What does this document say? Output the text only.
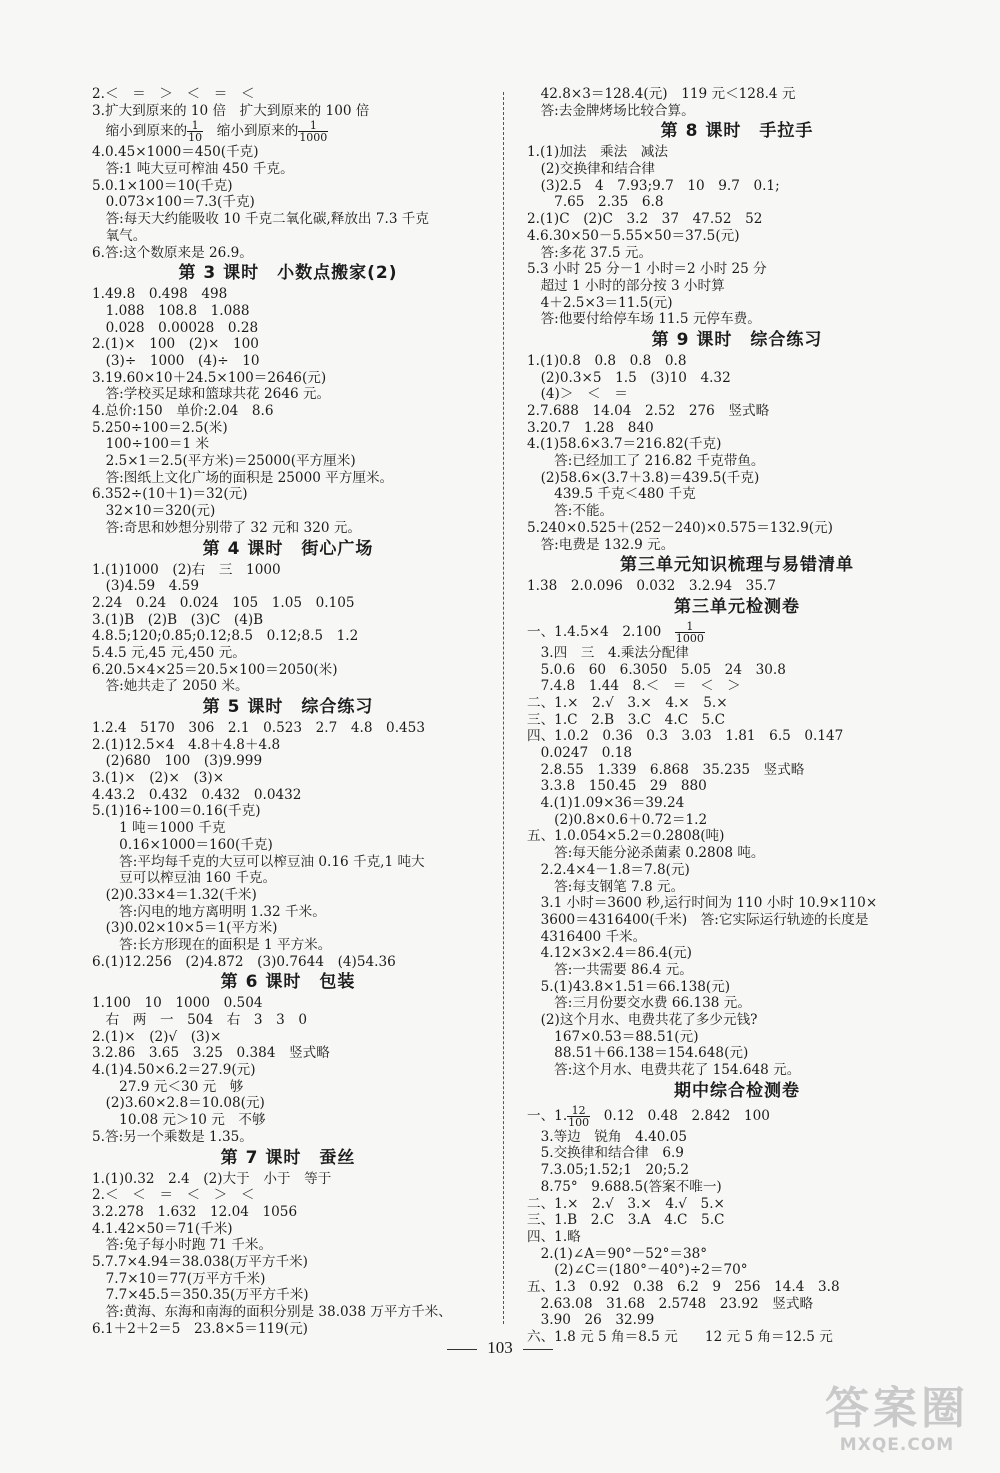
2.＜　＝　＞　＜　＝　＜
3.扩大到原来的 10 倍　扩大到原来的 100 倍
　缩小到原来的 $\frac{1}{10}$ 　缩小到原来的 $\frac{1}{1000}$
4.0.45×1000＝450(千克)
　答:1 吨大豆可榨油 450 千克。
5.0.1×100＝10(千克)
　0.073×100＝7.3(千克)
　答:每天大约能吸收 10 千克二氧化碳,释放出 7.3 千克
　氧气。
6.答:这个数原来是 26.9。
第 3 课时　小数点搬家(2)
1.49.8　0.498　498
　1.088　108.8　1.088
　0.028　0.00028　0.28
2.(1)×　100　(2)×　100
　(3)÷　1000　(4)÷　10
3.19.60×10＋24.5×100＝2646(元)
　答:学校买足球和篮球共花 2646 元。
4.总价:150　单价:2.04　8.6
5.250÷100＝2.5(米)
　100÷100＝1 米
　2.5×1＝2.5(平方米)＝25000(平方厘米)
　答:图纸上文化广场的面积是 25000 平方厘米。
6.352÷(10＋1)＝32(元)
　32×10＝320(元)
　答:奇思和妙想分别带了 32 元和 320 元。
第 4 课时　街心广场
1.(1)1000　(2)右　三　1000
　(3)4.59　4.59
2.24　0.24　0.024　105　1.05　0.105
3.(1)B　(2)B　(3)C　(4)B
4.8.5;120;0.85;0.12;8.5　0.12;8.5　1.2
5.4.5 元,45 元,450 元。
6.20.5×4×25＝20.5×100＝2050(米)
　答:她共走了 2050 米。
第 5 课时　综合练习
1.2.4　5170　306　2.1　0.523　2.7　4.8　0.453
2.(1)12.5×4　4.8＋4.8＋4.8
　(2)680　100　(3)9.999
3.(1)×　(2)×　(3)×
4.43.2　0.432　0.432　0.0432
5.(1)16÷100＝0.16(千克)
　　1 吨＝1000 千克
　　0.16×1000＝160(千克)
　　答:平均每千克的大豆可以榨豆油 0.16 千克,1 吨大
　　豆可以榨豆油 160 千克。
　(2)0.33×4＝1.32(千米)
　　答:闪电的地方离明明 1.32 千米。
　(3)0.02×10×5＝1(平方米)
　　答:长方形现在的面积是 1 平方米。
6.(1)12.256　(2)4.872　(3)0.7644　(4)54.36
第 6 课时　包装
1.100　10　1000　0.504
　右　两　一　504　右　3　3　0
2.(1)×　(2)√　(3)×
3.2.86　3.65　3.25　0.384　竖式略
4.(1)4.50×6.2＝27.9(元)
　　27.9 元＜30 元　够
　(2)3.60×2.8＝10.08(元)
　　10.08 元＞10 元　不够
5.答:另一个乘数是 1.35。
第 7 课时　蚕丝
1.(1)0.32　2.4　(2)大于　小于　等于
2.＜　＜　＝　＜　＞　＜
3.2.278　1.632　12.04　1056
4.1.42×50＝71(千米)
　答:兔子每小时跑 71 千米。
5.7.7×4.94＝38.038(万平方千米)
　7.7×10＝77(万平方千米)
　7.7×45.5＝350.35(万平方千米)
　答:黄海、东海和南海的面积分别是 38.038 万平方千米、
6.1＋2＋2＝5　23.8×5＝119(元)
　42.8×3＝128.4(元)　119 元＜128.4 元
　答:去金牌烤场比较合算。
第 8 课时　手拉手
1.(1)加法　乘法　减法
　(2)交换律和结合律
　(3)2.5　4　7.93;9.7　10　9.7　0.1;
　　7.65　2.35　6.8
2.(1)C　(2)C　3.2　37　47.52　52
4.6.30×50－5.55×50＝37.5(元)
　答:多花 37.5 元。
5.3 小时 25 分－1 小时＝2 小时 25 分
　超过 1 小时的部分按 3 小时算
　4＋2.5×3＝11.5(元)
　答:他要付给停车场 11.5 元停车费。
第 9 课时　综合练习
1.(1)0.8　0.8　0.8　0.8
　(2)0.3×5　1.5　(3)10　4.32
　(4)＞　＜　＝
2.7.688　14.04　2.52　276　竖式略
3.20.7　1.28　840
4.(1)58.6×3.7＝216.82(千克)
　　答:已经加工了 216.82 千克带鱼。
　(2)58.6×(3.7＋3.8)＝439.5(千克)
　　439.5 千克＜480 千克
　　答:不能。
5.240×0.525＋(252－240)×0.575＝132.9(元)
　答:电费是 132.9 元。
第三单元知识梳理与易错清单
1.38　2.0.096　0.032　3.2.94　35.7
第三单元检测卷
一、1.4.5×4　2.100　 $\frac{1}{1000}$
　3.四　三　4.乘法分配律
　5.0.6　60　6.3050　5.05　24　30.8
　7.4.8　1.44　8.＜　＝　＜　＞
二、1.×　2.√　3.×　4.×　5.×
三、1.C　2.B　3.C　4.C　5.C
四、1.0.2　0.36　0.3　3.03　1.81　6.5　0.147
　0.0247　0.18
　2.8.55　1.339　6.868　35.235　竖式略
　3.3.8　150.45　29　880
　4.(1)1.09×36＝39.24
　　(2)0.8×0.6＋0.72＝1.2
五、1.0.054×5.2＝0.2808(吨)
　　答:每天能分泌杀菌素 0.2808 吨。
　2.2.4×4－1.8＝7.8(元)
　　答:每支钢笔 7.8 元。
　3.1 小时＝3600 秒,运行时间为 110 小时 10.9×110×
　3600＝4316400(千米)　答:它实际运行轨迹的长度是
　4316400 千米。
　4.12×3×2.4＝86.4(元)
　　答:一共需要 86.4 元。
　5.(1)43.8×1.51＝66.138(元)
　　答:三月份要交水费 66.138 元。
　(2)这个月水、电费共花了多少元钱?
　　167×0.53＝88.51(元)
　　88.51＋66.138＝154.648(元)
　　答:这个月水、电费共花了 154.648 元。
期中综合检测卷
一、1. $\frac{12}{100}$ 　0.12　0.48　2.842　100
　3.等边　锐角　4.40.05
　5.交换律和结合律　6.9
　7.3.05;1.52;1　20;5.2
　8.75°　9.688.5(答案不唯一)
二、1.×　2.√　3.×　4.√　5.×
三、1.B　2.C　3.A　4.C　5.C
四、1.略
　2.(1)∠A＝90°－52°＝38°
　　(2)∠C＝(180°－40°)÷2＝70°
五、1.3　0.92　0.38　6.2　9　256　14.4　3.8
　2.63.08　31.68　2.5748　23.92　竖式略
　3.90　26　32.99
六、1.8 元 5 角＝8.5 元　　12 元 5 角＝12.5 元
103
答案圈
MXQE.COM
